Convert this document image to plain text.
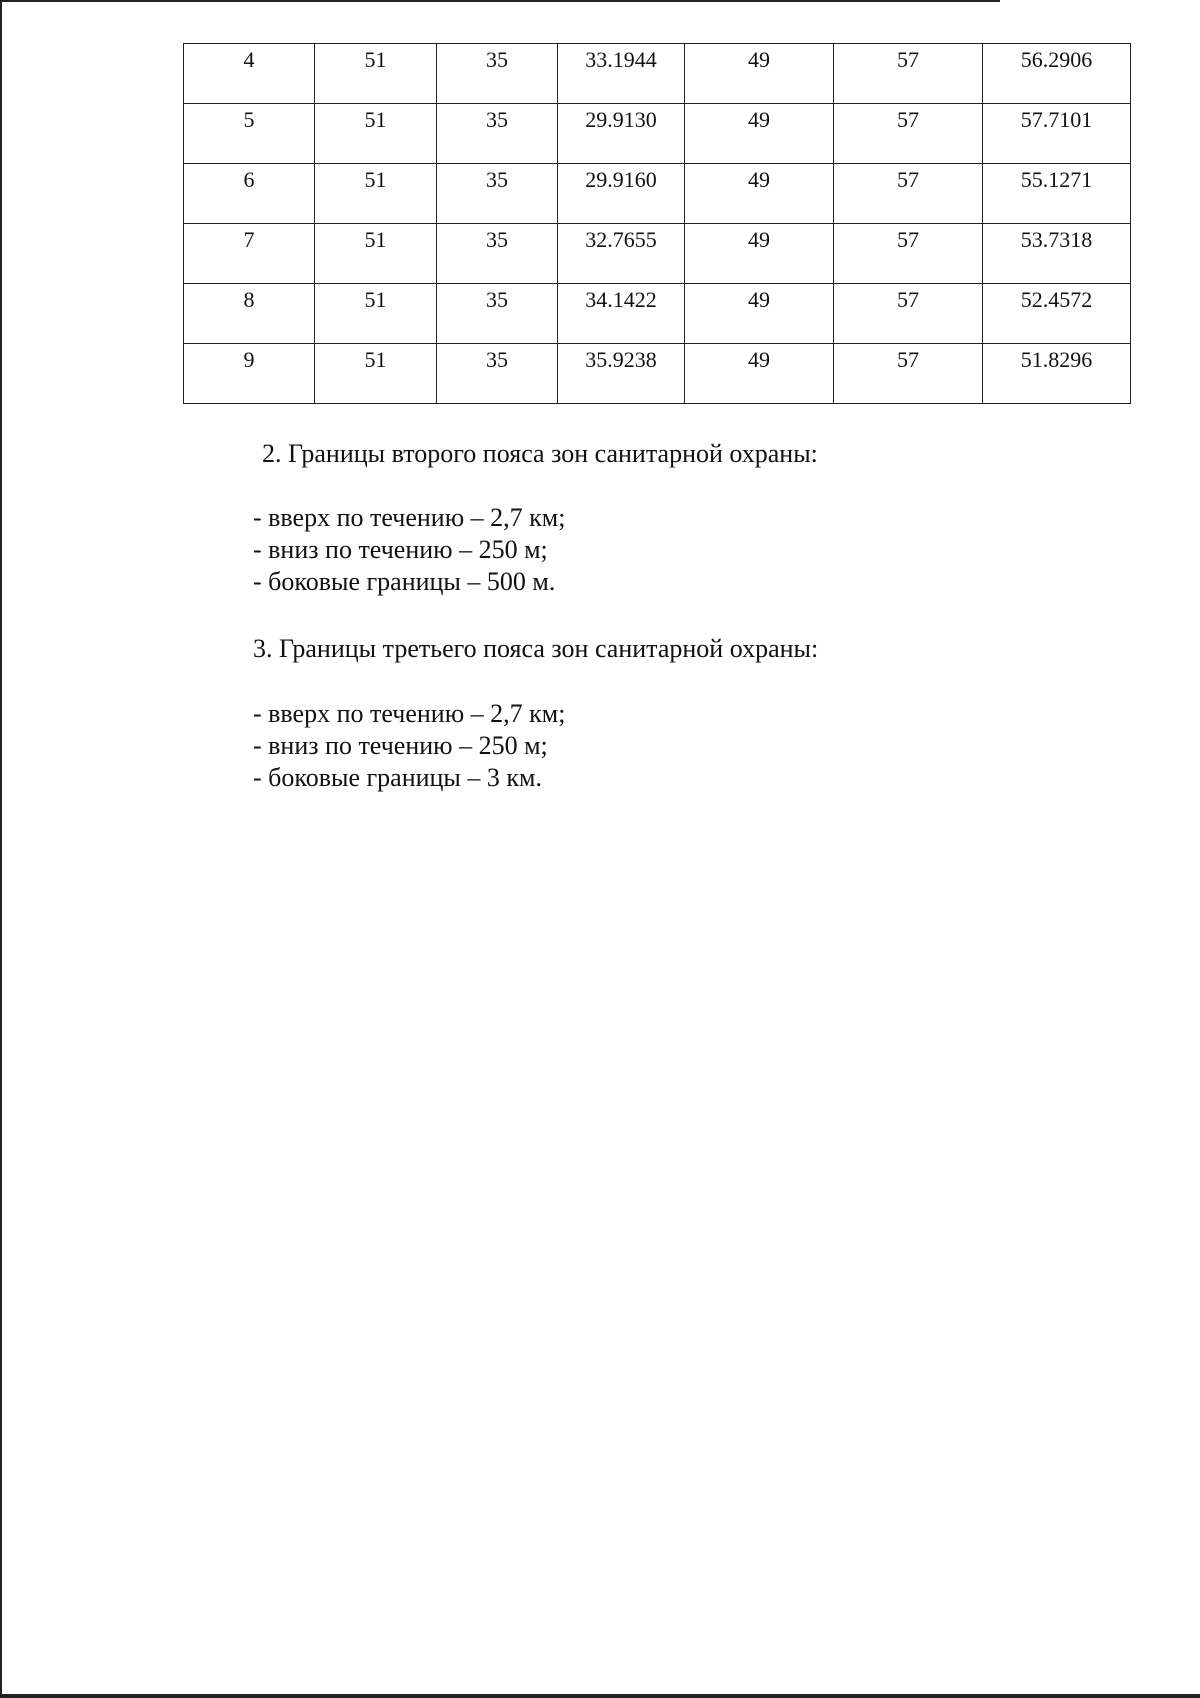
4	51	35	33.1944	49	57	56.2906
5	51	35	29.9130	49	57	57.7101
6	51	35	29.9160	49	57	55.1271
7	51	35	32.7655	49	57	53.7318
8	51	35	34.1422	49	57	52.4572
9	51	35	35.9238	49	57	51.8296
2. Границы второго пояса зон санитарной охраны:
- вверх по течению – 2,7 км;
- вниз по течению – 250 м;
- боковые границы – 500 м.
3. Границы третьего пояса зон санитарной охраны:
- вверх по течению – 2,7 км;
- вниз по течению – 250 м;
- боковые границы – 3 км.
